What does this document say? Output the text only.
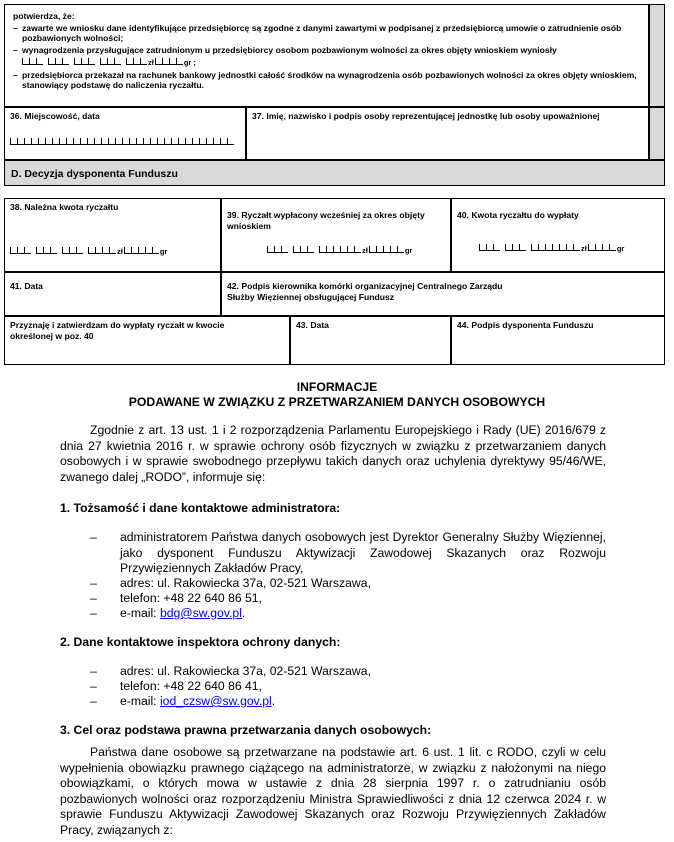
potwierdza, że:
– zawarte we wniosku dane identyfikujące przedsiębiorcę są zgodne z danymi zawartymi w podpisanej z przedsiębiorcą umowie o zatrudnienie osób pozbawionych wolności;
– wynagrodzenia przysługujące zatrudnionym u przedsiębiorcy osobom pozbawionym wolności za okres objęty wnioskiem wyniosły
zł	gr ;
– przedsiębiorca przekazał na rachunek bankowy jednostki całość środków na wynagrodzenia osób pozbawionych wolności za okres objęty wnioskiem, stanowiący podstawę do naliczenia ryczałtu.
36. Miejscowość, data	37. Imię, nazwisko i podpis osoby reprezentującej jednostkę lub osoby upoważnionej
D. Decyzja dysponenta Funduszu
38. Należna kwota ryczałtu
zł	gr
39. Ryczałt wypłacony wcześniej za okres objęty wnioskiem
zł	gr
40. Kwota ryczałtu do wypłaty
zł	gr
41. Data	42. Podpis kierownika komórki organizacyjnej Centralnego Zarządu Służby Więziennej obsługującej Fundusz
Przyznaję i zatwierdzam do wypłaty ryczałt w kwocie określonej w poz. 40
43. Data	44. Podpis dysponenta Funduszu
INFORMACJE
PODAWANE W ZWIĄZKU Z PRZETWARZANIEM DANYCH OSOBOWYCH
Zgodnie z art. 13 ust. 1 i 2 rozporządzenia Parlamentu Europejskiego i Rady (UE) 2016/679 z dnia 27 kwietnia 2016 r. w sprawie ochrony osób fizycznych w związku z przetwarzaniem danych osobowych i w sprawie swobodnego przepływu takich danych oraz uchylenia dyrektywy 95/46/WE, zwanego dalej „RODO”, informuje się:
1. Tożsamość i dane kontaktowe administratora:
– administratorem Państwa danych osobowych jest Dyrektor Generalny Służby Więziennej, jako dysponent Funduszu Aktywizacji Zawodowej Skazanych oraz Rozwoju Przywięziennych Zakładów Pracy,
– adres: ul. Rakowiecka 37a, 02-521 Warszawa,
– telefon: +48 22 640 86 51,
– e-mail: bdg@sw.gov.pl.
2. Dane kontaktowe inspektora ochrony danych:
– adres: ul. Rakowiecka 37a, 02-521 Warszawa,
– telefon: +48 22 640 86 41,
– e-mail: iod_czsw@sw.gov.pl.
3. Cel oraz podstawa prawna przetwarzania danych osobowych:
Państwa dane osobowe są przetwarzane na podstawie art. 6 ust. 1 lit. c RODO, czyli w celu wypełnienia obowiązku prawnego ciążącego na administratorze, w związku z nałożonymi na niego obowiązkami, o których mowa w ustawie z dnia 28 sierpnia 1997 r. o zatrudnianiu osób pozbawionych wolności oraz rozporządzeniu Ministra Sprawiedliwości z dnia 12 czerwca 2024 r. w sprawie Funduszu Aktywizacji Zawodowej Skazanych oraz Rozwoju Przywięziennych Zakładów Pracy, związanych z:
